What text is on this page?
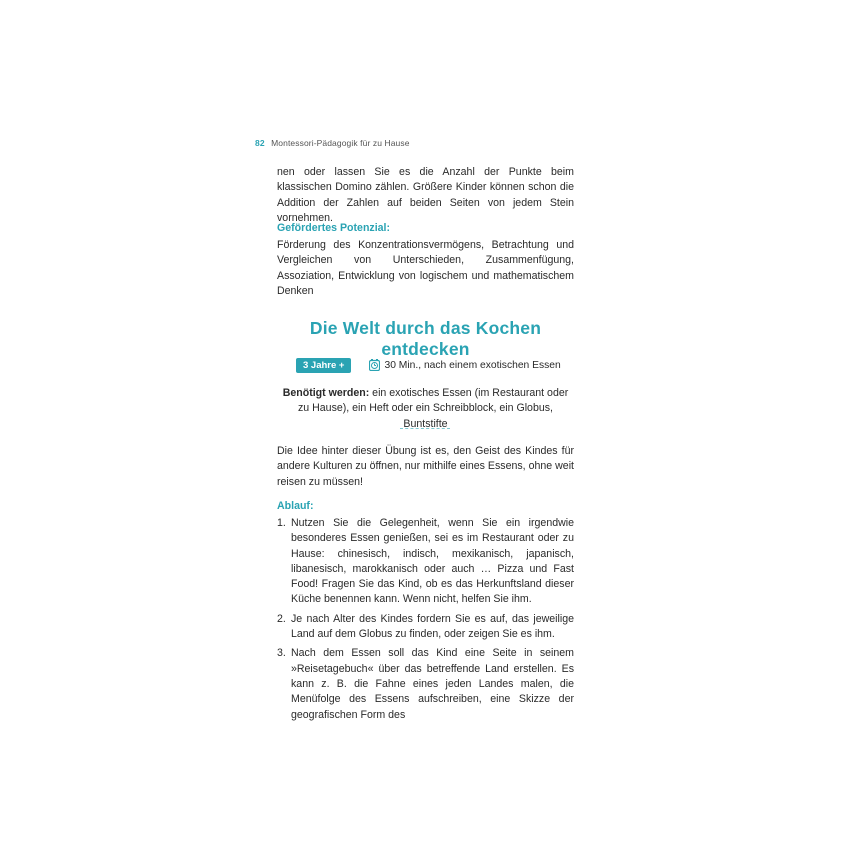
82 Montessori-Pädagogik für zu Hause
nen oder lassen Sie es die Anzahl der Punkte beim klassischen Domino zählen. Größere Kinder können schon die Addition der Zahlen auf beiden Seiten von jedem Stein vornehmen.
Gefördertes Potenzial:
Förderung des Konzentrationsvermögens, Betrachtung und Vergleichen von Unterschieden, Zusammenfügung, Assoziation, Entwicklung von logischem und mathematischem Denken
Die Welt durch das Kochen entdecken
3 Jahre +	30 Min., nach einem exotischen Essen
Benötigt werden: ein exotisches Essen (im Restaurant oder zu Hause), ein Heft oder ein Schreibblock, ein Globus, Buntstifte
Die Idee hinter dieser Übung ist es, den Geist des Kindes für andere Kulturen zu öffnen, nur mithilfe eines Essens, ohne weit reisen zu müssen!
Ablauf:
1. Nutzen Sie die Gelegenheit, wenn Sie ein irgendwie besonderes Essen genießen, sei es im Restaurant oder zu Hause: chinesisch, indisch, mexikanisch, japanisch, libanesisch, marokkanisch oder auch … Pizza und Fast Food! Fragen Sie das Kind, ob es das Herkunftsland dieser Küche benennen kann. Wenn nicht, helfen Sie ihm.
2. Je nach Alter des Kindes fordern Sie es auf, das jeweilige Land auf dem Globus zu finden, oder zeigen Sie es ihm.
3. Nach dem Essen soll das Kind eine Seite in seinem »Reisetagebuch« über das betreffende Land erstellen. Es kann z. B. die Fahne eines jeden Landes malen, die Menüfolge des Essens aufschreiben, eine Skizze der geografischen Form des
